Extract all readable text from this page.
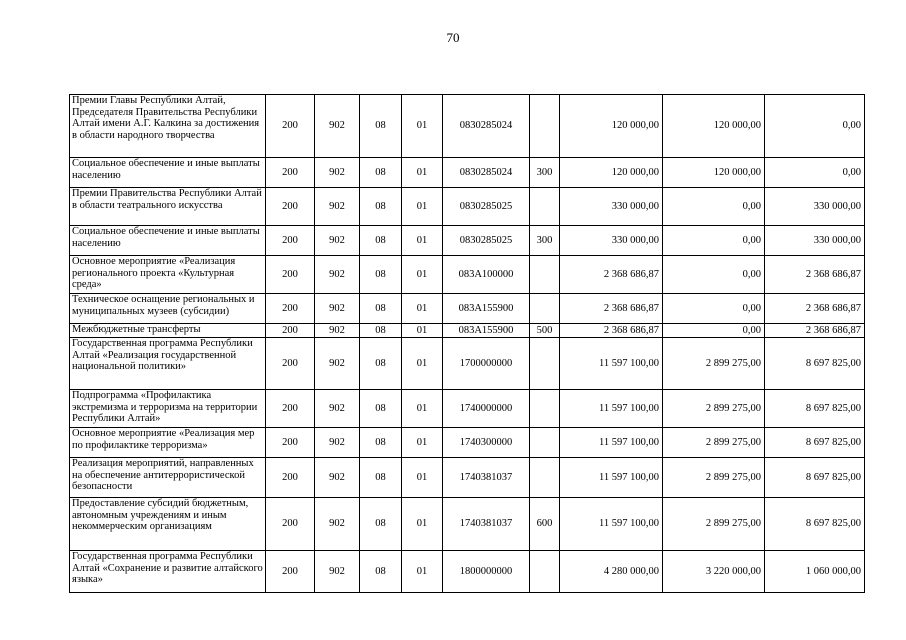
70
Премии Главы Республики Алтай, Председателя Правительства Республики Алтай имени А.Г. Калкина за достижения в области народного творчества	200	902	08	01	0830285024		120 000,00	120 000,00	0,00
Социальное обеспечение и иные выплаты населению	200	902	08	01	0830285024	300	120 000,00	120 000,00	0,00
Премии Правительства Республики Алтай в области театрального искусства	200	902	08	01	0830285025		330 000,00	0,00	330 000,00
Социальное обеспечение и иные выплаты населению	200	902	08	01	0830285025	300	330 000,00	0,00	330 000,00
Основное мероприятие «Реализация регионального проекта «Культурная среда»	200	902	08	01	083A100000		2 368 686,87	0,00	2 368 686,87
Техническое оснащение региональных и муниципальных музеев (субсидии)	200	902	08	01	083A155900		2 368 686,87	0,00	2 368 686,87
Межбюджетные трансферты	200	902	08	01	083A155900	500	2 368 686,87	0,00	2 368 686,87
Государственная программа Республики Алтай «Реализация государственной национальной политики»	200	902	08	01	1700000000		11 597 100,00	2 899 275,00	8 697 825,00
Подпрограмма «Профилактика экстремизма и терроризма на территории Республики Алтай»	200	902	08	01	1740000000		11 597 100,00	2 899 275,00	8 697 825,00
Основное мероприятие «Реализация мер по профилактике терроризма»	200	902	08	01	1740300000		11 597 100,00	2 899 275,00	8 697 825,00
Реализация мероприятий, направленных на обеспечение антитеррористической безопасности	200	902	08	01	1740381037		11 597 100,00	2 899 275,00	8 697 825,00
Предоставление субсидий бюджетным, автономным учреждениям и иным некоммерческим организациям	200	902	08	01	1740381037	600	11 597 100,00	2 899 275,00	8 697 825,00
Государственная программа Республики Алтай «Сохранение и развитие алтайского языка»	200	902	08	01	1800000000		4 280 000,00	3 220 000,00	1 060 000,00
